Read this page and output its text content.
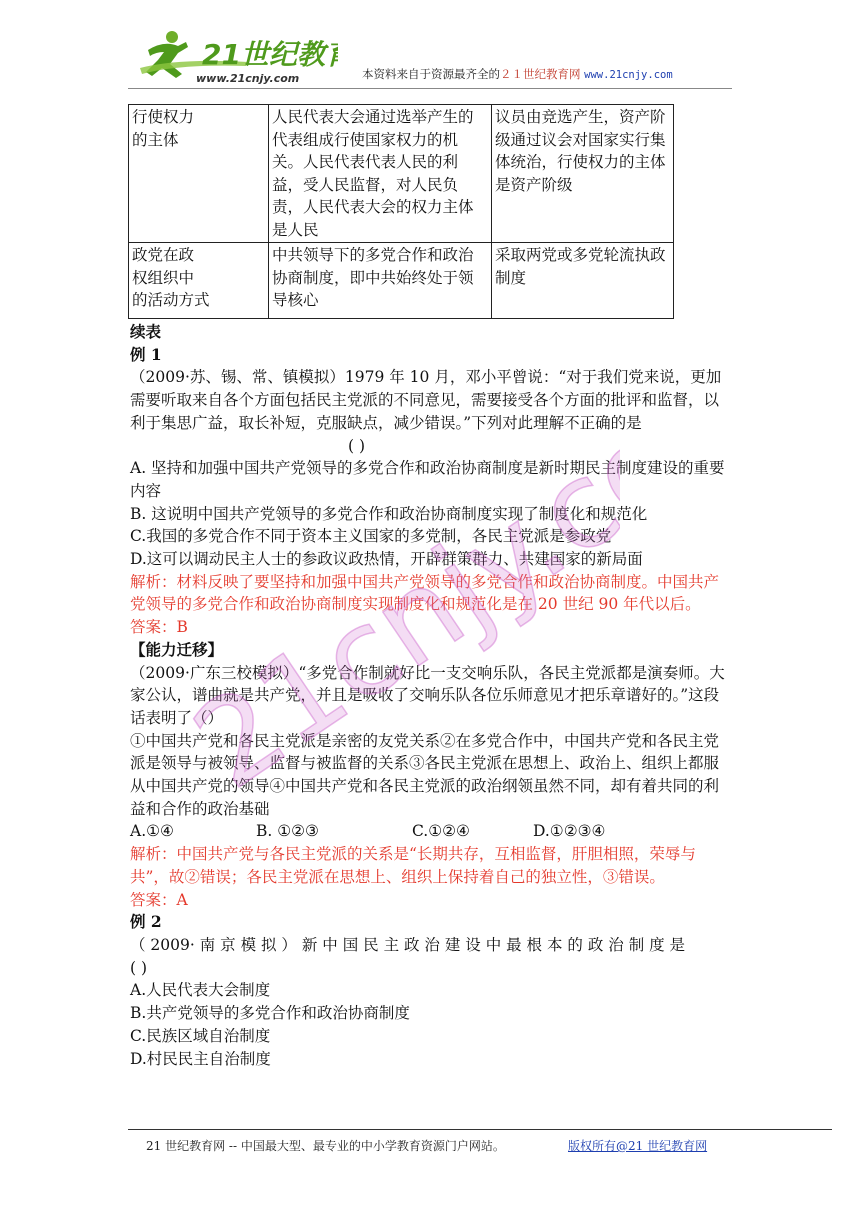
21世纪教育
www.21cnjy.com	本资料来自于资源最齐全的２１世纪教育网 www.21cnjy.com
行使权力
的主体	人民代表大会通过选举产生的代表组成行使国家权力的机关。人民代表代表人民的利益，受人民监督，对人民负责，人民代表大会的权力主体是人民	议员由竞选产生，资产阶级通过议会对国家实行集体统治，行使权力的主体是资产阶级

政党在政
权组织中
的活动方式	中共领导下的多党合作和政治协商制度，即中共始终处于领导核心	采取两党或多党轮流执政制度

续表

例 1

（2009·苏、锡、常、镇模拟）1979 年 10 月，邓小平曾说：“对于我们党来说，更加需要听取来自各个方面包括民主党派的不同意见，需要接受各个方面的批评和监督，以利于集思广益，取长补短，克服缺点，减少错误。”下列对此理解不正确的是( )

A. 坚持和加强中国共产党领导的多党合作和政治协商制度是新时期民主制度建设的重要内容

B. 这说明中国共产党领导的多党合作和政治协商制度实现了制度化和规范化

C.我国的多党合作不同于资本主义国家的多党制，各民主党派是参政党

D.这可以调动民主人士的参政议政热情，开辟群策群力、共建国家的新局面

解析：材料反映了要坚持和加强中国共产党领导的多党合作和政治协商制度。中国共产党领导的多党合作和政治协商制度实现制度化和规范化是在 20 世纪 90 年代以后。

答案：B

【能力迁移】

（2009·广东三校模拟）“多党合作制就好比一支交响乐队，各民主党派都是演奏师。大家公认，谱曲就是共产党，并且是吸收了交响乐队各位乐师意见才把乐章谱好的。”这段话表明了（）

①中国共产党和各民主党派是亲密的友党关系②在多党合作中，中国共产党和各民主党派是领导与被领导、监督与被监督的关系③各民主党派在思想上、政治上、组织上都服从中国共产党的领导④中国共产党和各民主党派的政治纲领虽然不同，却有着共同的利益和合作的政治基础

A.①④	B. ①②③	C.①②④	D.①②③④

解析：中国共产党与各民主党派的关系是“长期共存，互相监督，肝胆相照，荣辱与共”，故②错误；各民主党派在思想上、组织上保持着自己的独立性，③错误。

答案：A

例 2

（ 2009· 南 京 模 拟 ） 新 中 国 民 主 政 治 建 设 中 最 根 本 的 政 治 制 度 是

( )

A.人民代表大会制度

B.共产党领导的多党合作和政治协商制度

C.民族区域自治制度

D.村民民主自治制度

21cnjy.com
21 世纪教育网 -- 中国最大型、最专业的中小学教育资源门户网站。	版权所有@21 世纪教育网
